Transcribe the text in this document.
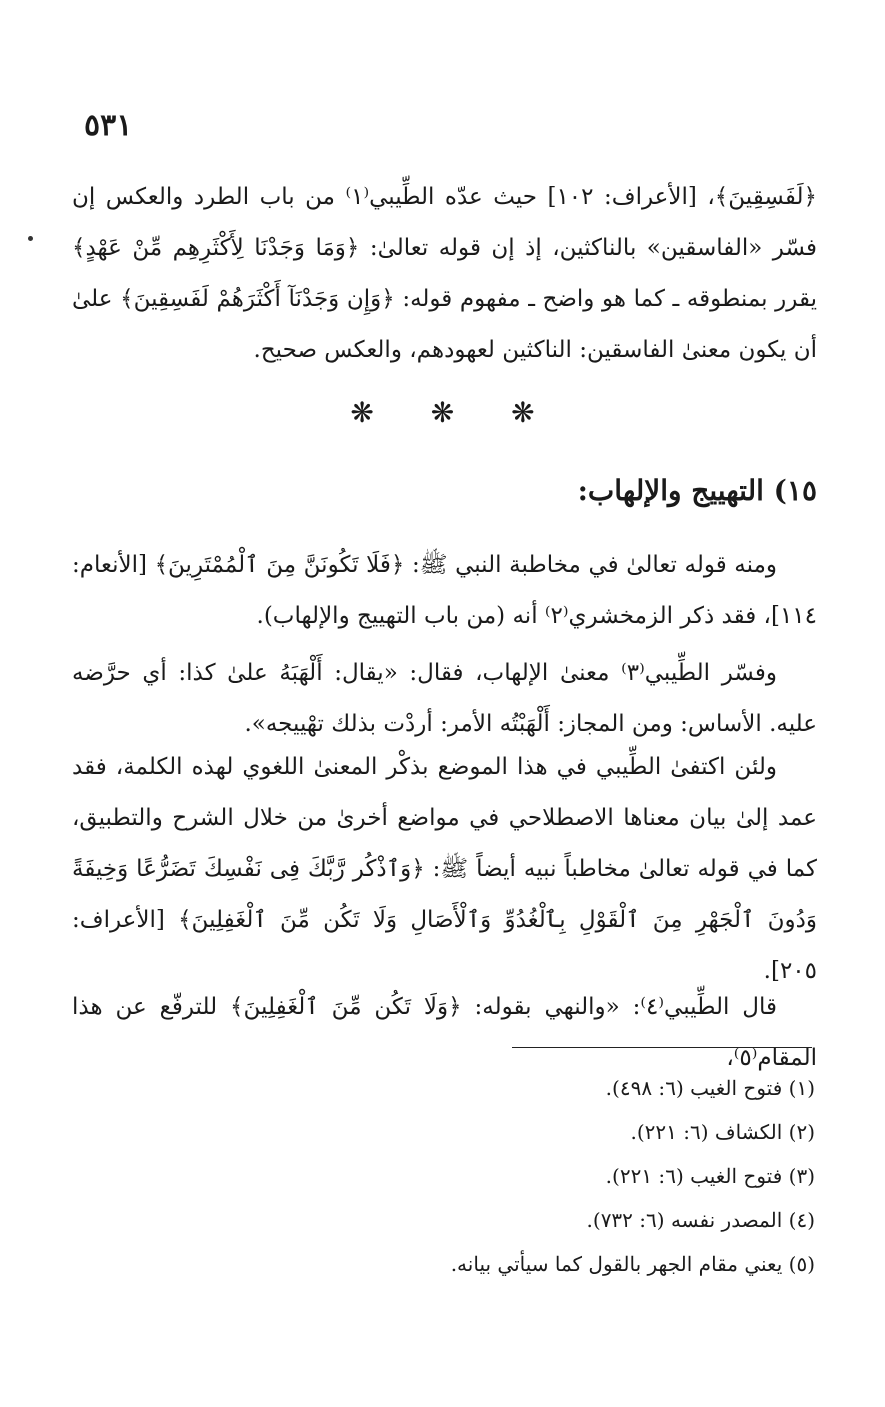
٥٣١

﴿لَفَسِقِينَ﴾، [الأعراف: ١٠٢] حيث عدّه الطِّيبي⁽١⁾ من باب الطرد والعكس إن فسّر «الفاسقين» بالناكثين، إذ إن قوله تعالىٰ: ﴿وَمَا وَجَدْنَا لِأَكْثَرِهِم مِّنْ عَهْدٍ﴾ يقرر بمنطوقه ـ كما هو واضح ـ مفهوم قوله: ﴿وَإِن وَجَدْنَآ أَكْثَرَهُمْ لَفَسِقِينَ﴾ علىٰ أن يكون معنىٰ الفاسقين: الناكثين لعهودهم، والعكس صحيح.

❋ ❋ ❋
١٥) التهييج والإلهاب:

ومنه قوله تعالىٰ في مخاطبة النبي ﷺ: ﴿فَلَا تَكُونَنَّ مِنَ ٱلْمُمْتَرِينَ﴾ [الأنعام: ١١٤]، فقد ذكر الزمخشري⁽٢⁾ أنه (من باب التهييج والإلهاب).

وفسّر الطِّيبي⁽٣⁾ معنىٰ الإلهاب، فقال: «يقال: أَلْهَبَهُ علىٰ كذا: أي حرَّضه عليه. الأساس: ومن المجاز: أَلْهَبْتُه الأمر: أردْت بذلك تهْييجه».

ولئن اكتفىٰ الطِّيبي في هذا الموضع بذكْر المعنىٰ اللغوي لهذه الكلمة، فقد عمد إلىٰ بيان معناها الاصطلاحي في مواضع أخرىٰ من خلال الشرح والتطبيق، كما في قوله تعالىٰ مخاطباً نبيه أيضاً ﷺ: ﴿وَٱذْكُر رَّبَّكَ فِى نَفْسِكَ تَضَرُّعًا وَخِيفَةً وَدُونَ ٱلْجَهْرِ مِنَ ٱلْقَوْلِ بِٱلْغُدُوِّ وَٱلْأَصَالِ وَلَا تَكُن مِّنَ ٱلْغَفِلِينَ﴾ [الأعراف: ٢٠٥].

قال الطِّيبي⁽٤⁾: «والنهي بقوله: ﴿وَلَا تَكُن مِّنَ ٱلْغَفِلِينَ﴾ للترفّع عن هذا المقام⁽٥⁾،

(١) فتوح الغيب (٦: ٤٩٨).
(٢) الكشاف (٦: ٢٢١).
(٣) فتوح الغيب (٦: ٢٢١).
(٤) المصدر نفسه (٦: ٧٣٢).
(٥) يعني مقام الجهر بالقول كما سيأتي بيانه.
